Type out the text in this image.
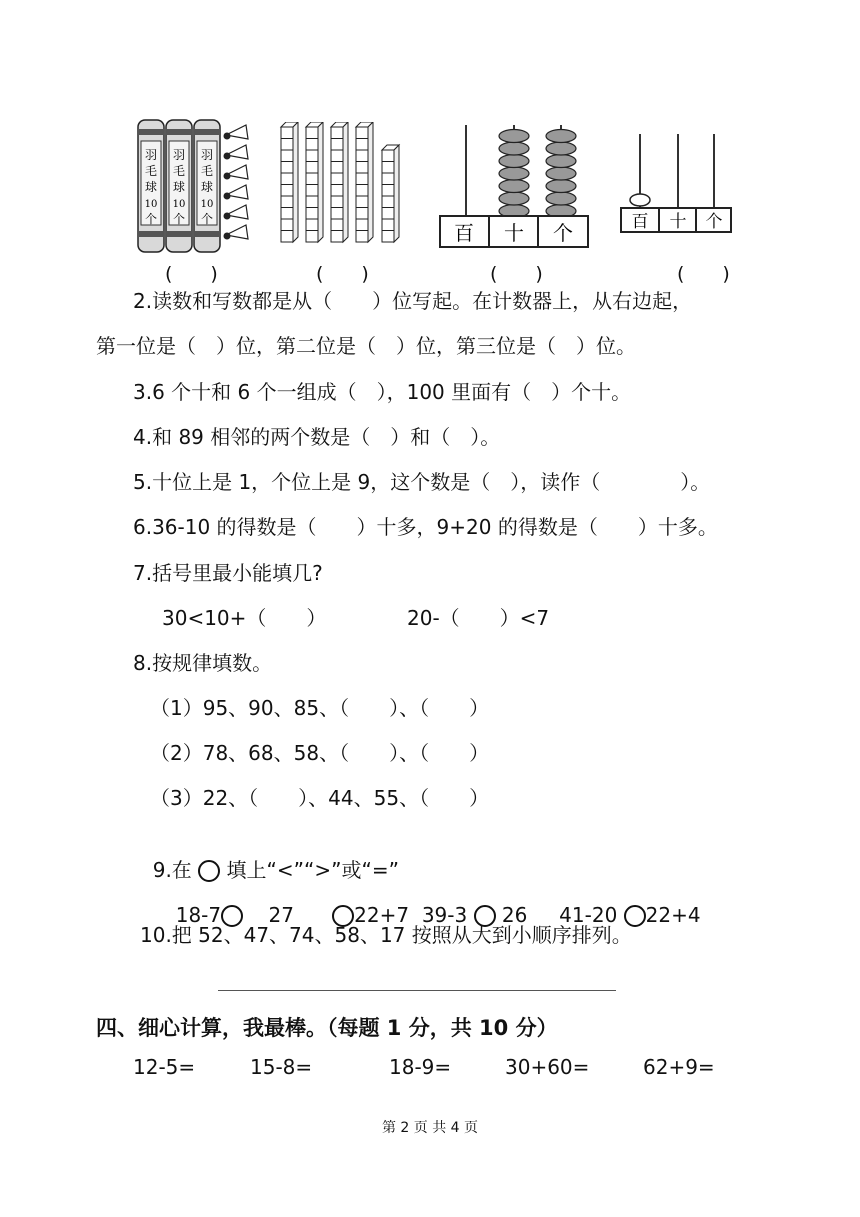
羽
毛
球
10
个
羽
毛
球
10
个
羽
毛
球
10
个
百 十 个	百 十 个
(　　)	(　　)	(　　)	(　　)
2.读数和写数都是从（　　）位写起。在计数器上，从右边起，
第一位是（　）位，第二位是（　）位，第三位是（　）位。
3.6 个十和 6 个一组成（　），100 里面有（　）个十。
4.和 89 相邻的两个数是（　）和（　）。
5.十位上是 1，个位上是 9，这个数是（　），读作（　　　　）。
6.36-10 的得数是（　　）十多，9+20 的得数是（　　）十多。
7.括号里最小能填几?
30<10+（　　）	20-（　　）<7
8.按规律填数。
（1）95、90、85、（　　）、（　　）
（2）78、68、58、（　　）、（　　）
（3）22、（　　）、44、55、（　　）

9.在 填上“<”“>”或“=”

18-7 27	22+7 39-3 26 41-20 22+4

10.把 52、47、74、58、17 按照从大到小顺序排列。
四、细心计算，我最棒。（每题 1 分，共 10 分）
12-5=	15-8=	18-9=	30+60=	62+9=
第 2 页 共 4 页
